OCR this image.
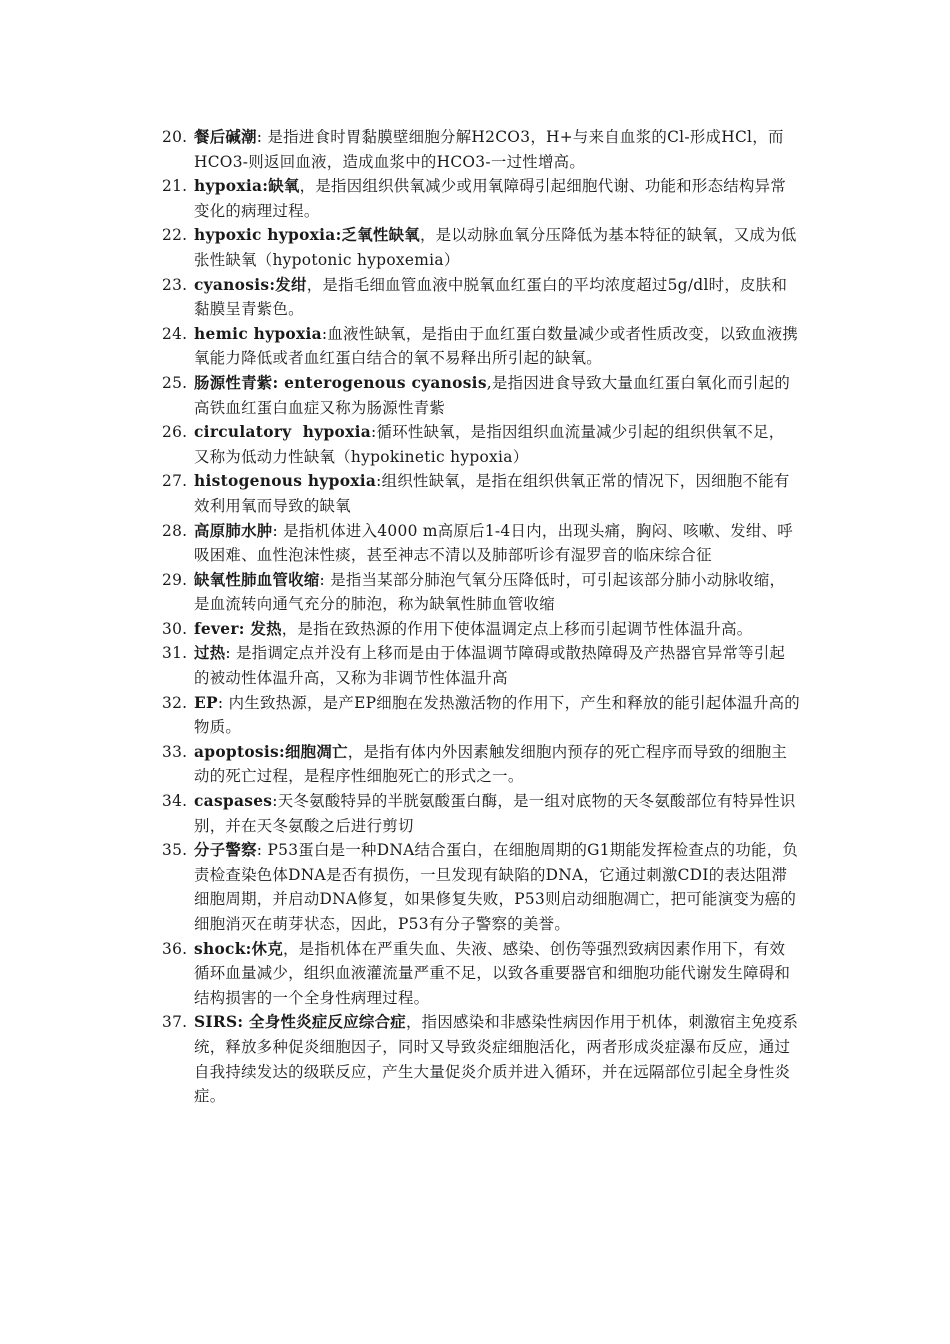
20. 餐后碱潮: 是指进食时胃黏膜壁细胞分解H2CO3，H+与来自血浆的Cl-形成HCl，而HCO3-则返回血液，造成血浆中的HCO3-一过性增高。
21. hypoxia:缺氧，是指因组织供氧减少或用氧障碍引起细胞代谢、功能和形态结构异常变化的病理过程。
22. hypoxic hypoxia:乏氧性缺氧，是以动脉血氧分压降低为基本特征的缺氧，又成为低张性缺氧（hypotonic hypoxemia）
23. cyanosis:发绀，是指毛细血管血液中脱氧血红蛋白的平均浓度超过5g/dl时，皮肤和黏膜呈青紫色。
24. hemic hypoxia:血液性缺氧，是指由于血红蛋白数量减少或者性质改变，以致血液携氧能力降低或者血红蛋白结合的氧不易释出所引起的缺氧。
25. 肠源性青紫: enterogenous cyanosis,是指因进食导致大量血红蛋白氧化而引起的高铁血红蛋白血症又称为肠源性青紫
26. circulatory  hypoxia:循环性缺氧，是指因组织血流量减少引起的组织供氧不足，又称为低动力性缺氧（hypokinetic hypoxia）
27. histogenous hypoxia:组织性缺氧，是指在组织供氧正常的情况下，因细胞不能有效利用氧而导致的缺氧
28. 高原肺水肿: 是指机体进入4000 m高原后1-4日内，出现头痛，胸闷、咳嗽、发绀、呼吸困难、血性泡沫性痰，甚至神志不清以及肺部听诊有湿罗音的临床综合征
29. 缺氧性肺血管收缩: 是指当某部分肺泡气氧分压降低时，可引起该部分肺小动脉收缩，是血流转向通气充分的肺泡，称为缺氧性肺血管收缩
30. fever: 发热，是指在致热源的作用下使体温调定点上移而引起调节性体温升高。
31. 过热: 是指调定点并没有上移而是由于体温调节障碍或散热障碍及产热器官异常等引起的被动性体温升高，又称为非调节性体温升高
32. EP: 内生致热源，是产EP细胞在发热激活物的作用下，产生和释放的能引起体温升高的物质。
33. apoptosis:细胞凋亡，是指有体内外因素触发细胞内预存的死亡程序而导致的细胞主动的死亡过程，是程序性细胞死亡的形式之一。
34. caspases:天冬氨酸特异的半胱氨酸蛋白酶，是一组对底物的天冬氨酸部位有特异性识别，并在天冬氨酸之后进行剪切
35. 分子警察: P53蛋白是一种DNA结合蛋白，在细胞周期的G1期能发挥检查点的功能，负责检查染色体DNA是否有损伤，一旦发现有缺陷的DNA，它通过刺激CDI的表达阻滞细胞周期，并启动DNA修复，如果修复失败，P53则启动细胞凋亡，把可能演变为癌的细胞消灭在萌芽状态，因此，P53有分子警察的美誉。
36. shock:休克，是指机体在严重失血、失液、感染、创伤等强烈致病因素作用下，有效循环血量减少，组织血液灌流量严重不足，以致各重要器官和细胞功能代谢发生障碍和结构损害的一个全身性病理过程。
37. SIRS: 全身性炎症反应综合症，指因感染和非感染性病因作用于机体，刺激宿主免疫系统，释放多种促炎细胞因子，同时又导致炎症细胞活化，两者形成炎症瀑布反应，通过自我持续发达的级联反应，产生大量促炎介质并进入循环，并在远隔部位引起全身性炎症。
